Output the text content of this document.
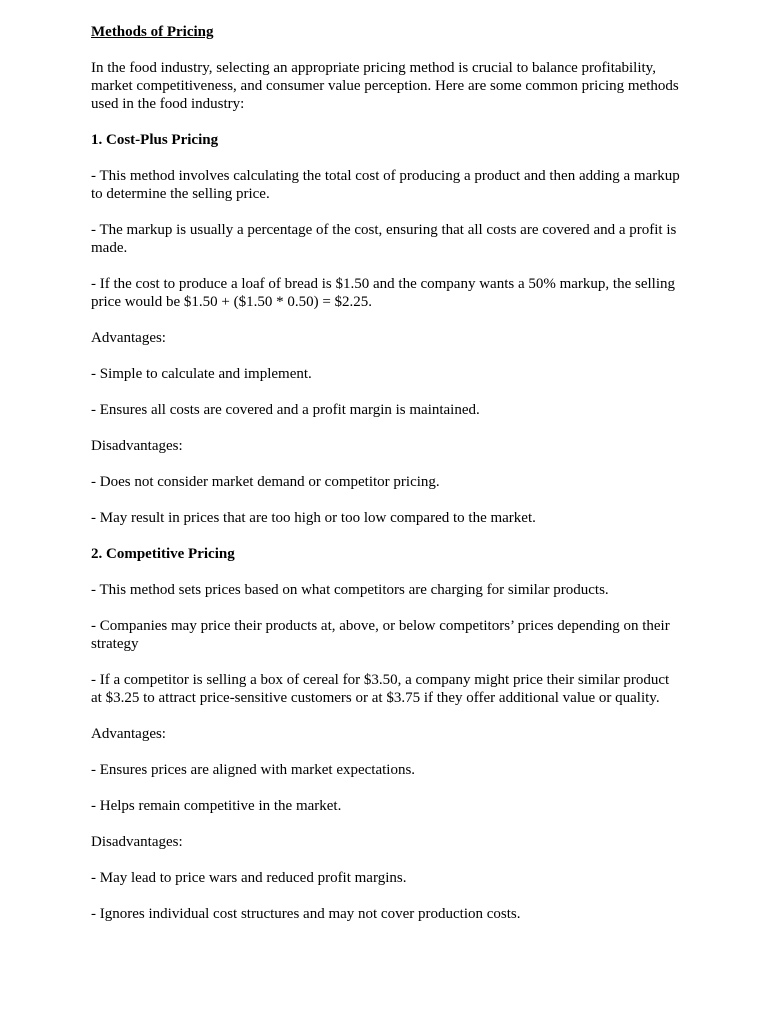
Methods of Pricing

In the food industry, selecting an appropriate pricing method is crucial to balance profitability, market competitiveness, and consumer value perception. Here are some common pricing methods used in the food industry:

1. Cost-Plus Pricing

- This method involves calculating the total cost of producing a product and then adding a markup to determine the selling price.

- The markup is usually a percentage of the cost, ensuring that all costs are covered and a profit is made.

- If the cost to produce a loaf of bread is $1.50 and the company wants a 50% markup, the selling price would be $1.50 + ($1.50 * 0.50) = $2.25.

Advantages:

- Simple to calculate and implement.

- Ensures all costs are covered and a profit margin is maintained.

Disadvantages:

- Does not consider market demand or competitor pricing.

- May result in prices that are too high or too low compared to the market.

2. Competitive Pricing

- This method sets prices based on what competitors are charging for similar products.

- Companies may price their products at, above, or below competitors’ prices depending on their strategy

- If a competitor is selling a box of cereal for $3.50, a company might price their similar product at $3.25 to attract price-sensitive customers or at $3.75 if they offer additional value or quality.

Advantages:

- Ensures prices are aligned with market expectations.

- Helps remain competitive in the market.

Disadvantages:

- May lead to price wars and reduced profit margins.

- Ignores individual cost structures and may not cover production costs.
